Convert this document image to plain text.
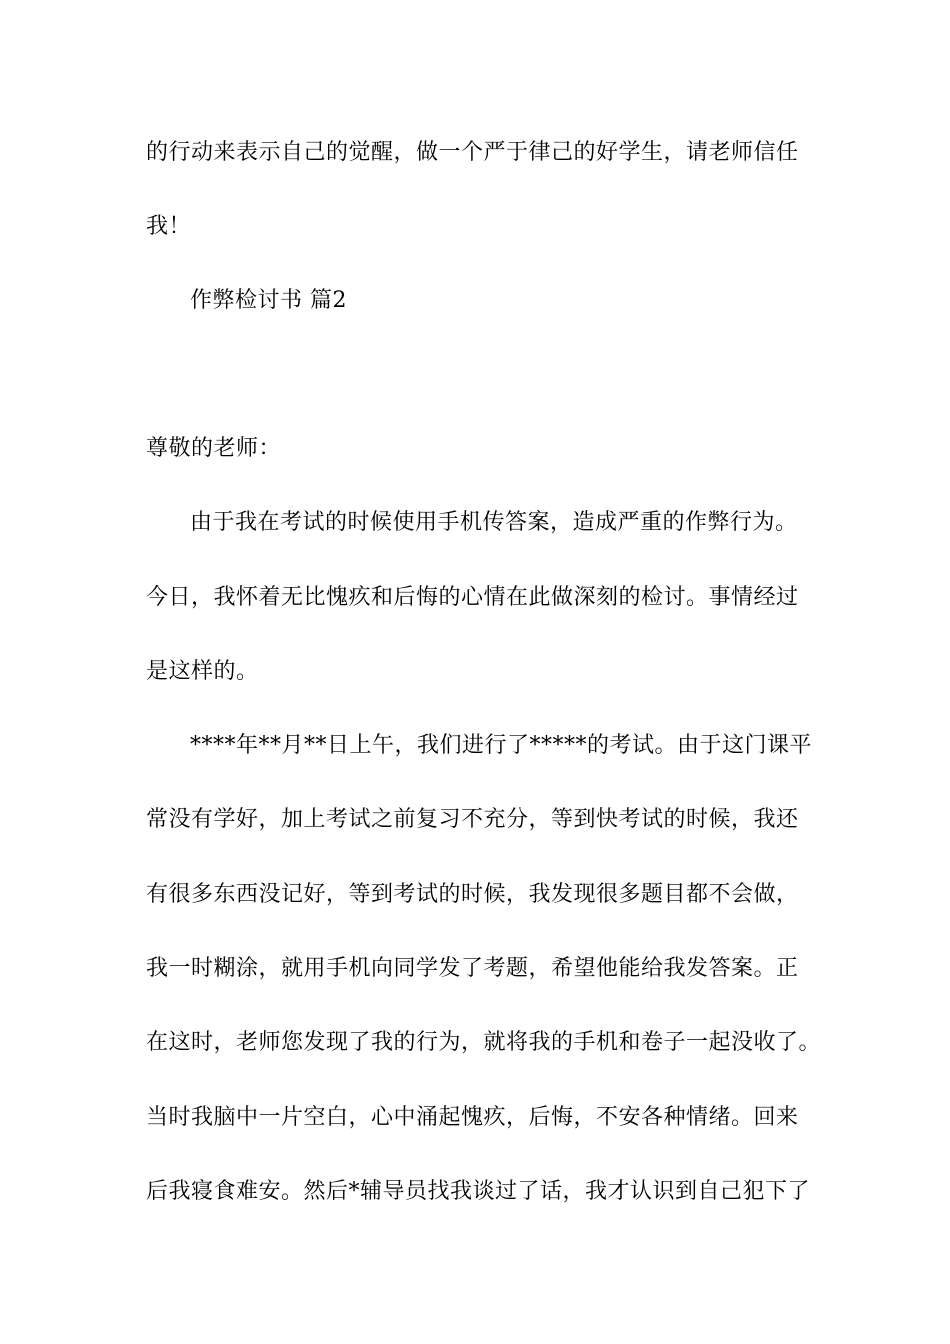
的行动来表示自己的觉醒，做一个严于律己的好学生，请老师信任
我！
作弊检讨书 篇2
尊敬的老师：
由于我在考试的时候使用手机传答案，造成严重的作弊行为。
今日，我怀着无比愧疚和后悔的心情在此做深刻的检讨。事情经过
是这样的。
****年**月**日上午，我们进行了*****的考试。由于这门课平
常没有学好，加上考试之前复习不充分，等到快考试的时候，我还
有很多东西没记好，等到考试的时候，我发现很多题目都不会做，
我一时糊涂，就用手机向同学发了考题，希望他能给我发答案。正
在这时，老师您发现了我的行为，就将我的手机和卷子一起没收了。
当时我脑中一片空白，心中涌起愧疚，后悔，不安各种情绪。回来
后我寝食难安。然后*辅导员找我谈过了话，我才认识到自己犯下了
